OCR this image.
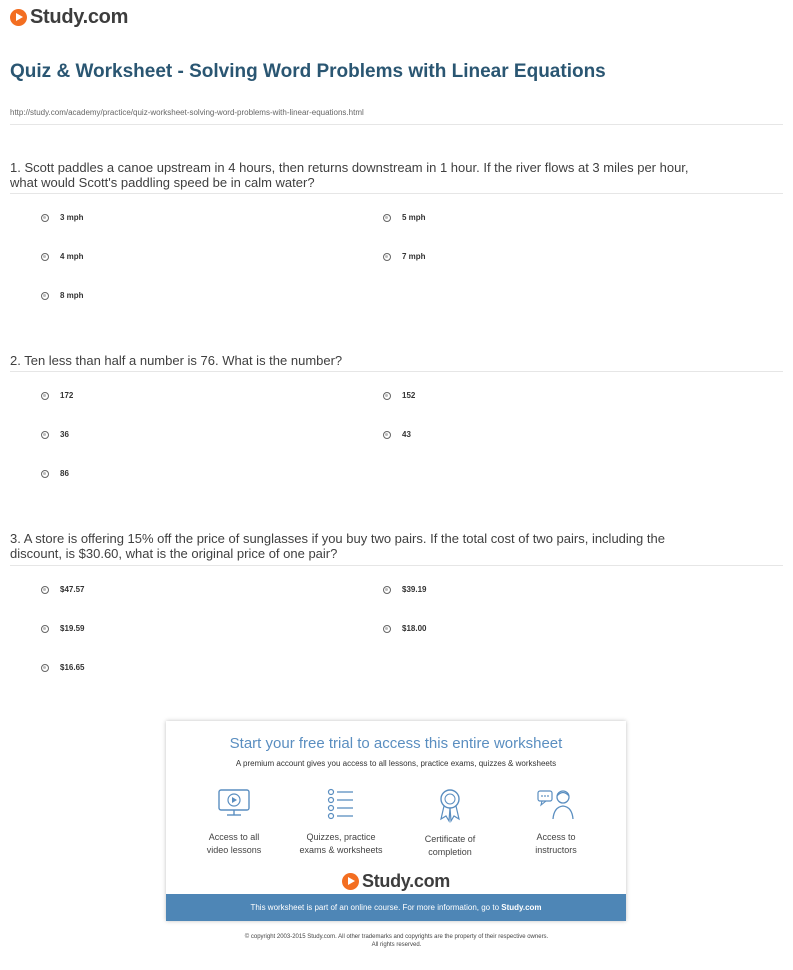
Study.com
Quiz & Worksheet - Solving Word Problems with Linear Equations
http://study.com/academy/practice/quiz-worksheet-solving-word-problems-with-linear-equations.html
1. Scott paddles a canoe upstream in 4 hours, then returns downstream in 1 hour. If the river flows at 3 miles per hour, what would Scott's paddling speed be in calm water?
3 mph	5 mph
4 mph	7 mph
8 mph
2. Ten less than half a number is 76. What is the number?
172	152
36	43
86
3. A store is offering 15% off the price of sunglasses if you buy two pairs. If the total cost of two pairs, including the discount, is $30.60, what is the original price of one pair?
$47.57	$39.19
$19.59	$18.00
$16.65
Start your free trial to access this entire worksheet
A premium account gives you access to all lessons, practice exams, quizzes & worksheets
Access to all
video lessons
Quizzes, practice
exams & worksheets
Certificate of
completion
Access to
instructors
Study.com
This worksheet is part of an online course. For more information, go to Study.com
© copyright 2003-2015 Study.com. All other trademarks and copyrights are the property of their respective owners.
All rights reserved.
